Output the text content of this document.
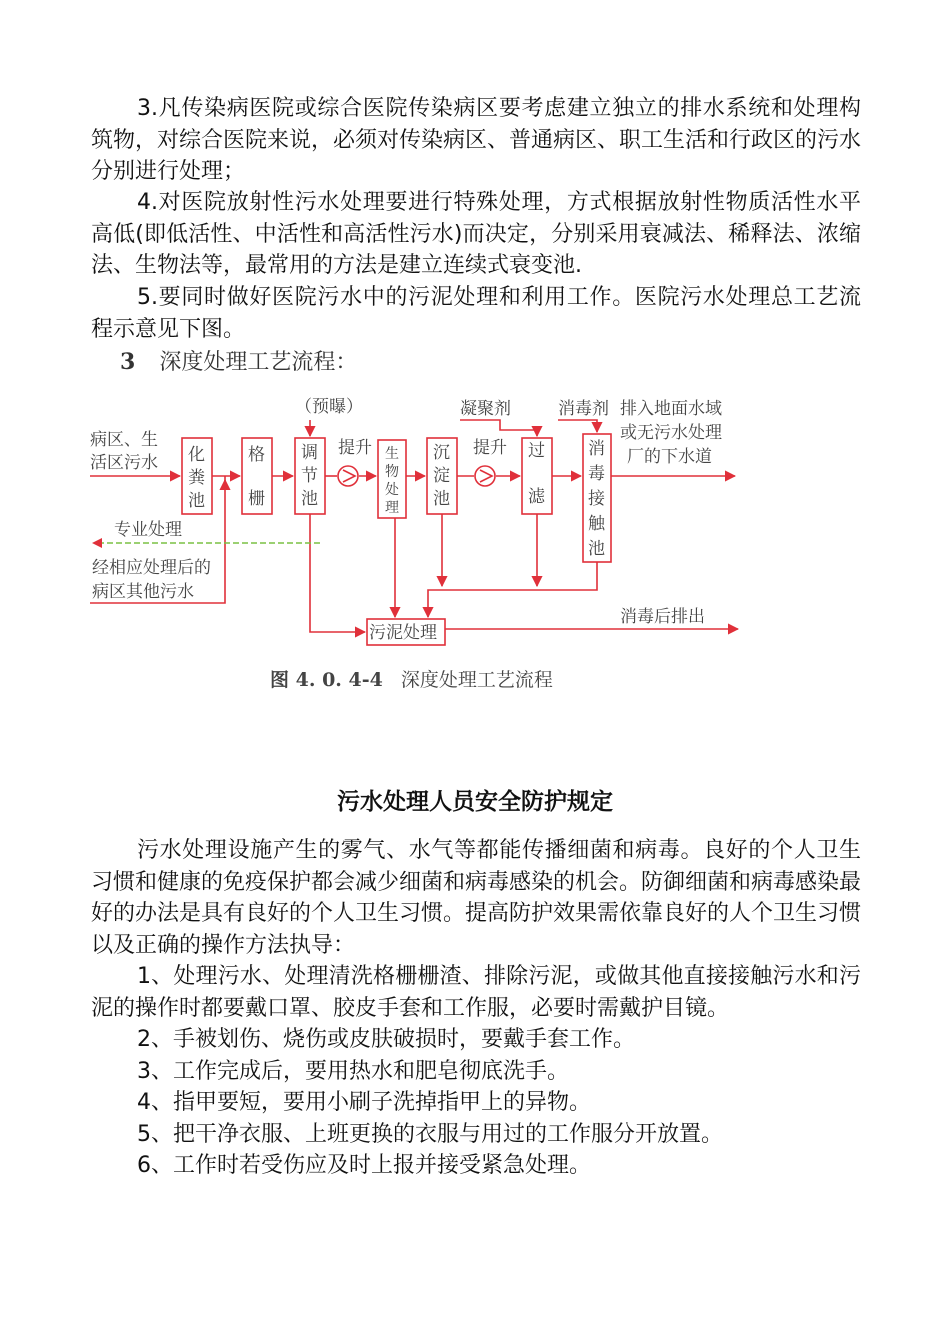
3.凡传染病医院或综合医院传染病区要考虑建立独立的排水系统和处理构筑物，对综合医院来说，必须对传染病区、普通病区、职工生活和行政区的污水分别进行处理；

4.对医院放射性污水处理要进行特殊处理，方式根据放射性物质活性水平高低(即低活性、中活性和高活性污水)而决定，分别采用衰减法、稀释法、浓缩法、生物法等，最常用的方法是建立连续式衰变池.

5.要同时做好医院污水中的污泥处理和利用工作。医院污水处理总工艺流程示意见下图。

3 深度处理工艺流程：
病区、生
活区污水 化
粪
池
格
栅
调
节
池
生
物
处
理
沉
淀
池
过
滤
消
毒
接
触
池
污泥处理
（预曝）
提升	提升
凝聚剂	消毒剂 排入地面水域
或无污水处理
厂的下水道
专业处理
经相应处理后的
病区其他污水
消毒后排出
图 4. 0. 4-4 深度处理工艺流程
污水处理人员安全防护规定

污水处理设施产生的雾气、水气等都能传播细菌和病毒。良好的个人卫生习惯和健康的免疫保护都会减少细菌和病毒感染的机会。防御细菌和病毒感染最好的办法是具有良好的个人卫生习惯。提高防护效果需依靠良好的人个卫生习惯以及正确的操作方法执导：

1、处理污水、处理清洗格栅栅渣、排除污泥，或做其他直接接触污水和污泥的操作时都要戴口罩、胶皮手套和工作服，必要时需戴护目镜。

2、手被划伤、烧伤或皮肤破损时，要戴手套工作。
3、工作完成后，要用热水和肥皂彻底洗手。
4、指甲要短，要用小刷子洗掉指甲上的异物。
5、把干净衣服、上班更换的衣服与用过的工作服分开放置。
6、工作时若受伤应及时上报并接受紧急处理。
